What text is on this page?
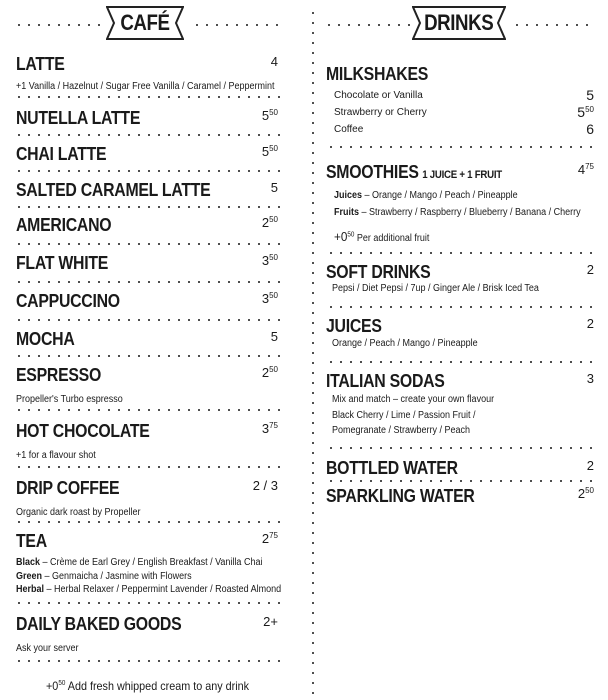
CAFÉ	DRINKS
LATTE	4
+1 Vanilla / Hazelnut / Sugar Free Vanilla / Caramel / Peppermint
NUTELLA LATTE	$5^{50}$
CHAI LATTE	$5^{50}$
SALTED CARAMEL LATTE	5
AMERICANO	$2^{50}$
FLAT WHITE	$3^{50}$
CAPPUCCINO	$3^{50}$
MOCHA	5
ESPRESSO	$2^{50}$
Propeller's Turbo espresso
HOT CHOCOLATE	$3^{75}$
+1 for a flavour shot
DRIP COFFEE	2 / 3
Organic dark roast by Propeller
TEA	$2^{75}$
Black – Crème de Earl Grey / English Breakfast / Vanilla Chai
Green – Genmaicha / Jasmine with Flowers
Herbal – Herbal Relaxer / Peppermint Lavender / Roasted Almond
DAILY BAKED GOODS	2+
Ask your server
$+0^{50}$ Add fresh whipped cream to any drink
MILKSHAKES
Chocolate or Vanilla	5
Strawberry or Cherry	$5^{50}$
Coffee	6
SMOOTHIES 1 JUICE + 1 FRUIT	$4^{75}$
Juices – Orange / Mango / Peach / Pineapple
Fruits – Strawberry / Raspberry / Blueberry / Banana / Cherry
$+0^{50}$ Per additional fruit
SOFT DRINKS	2
Pepsi / Diet Pepsi / 7up / Ginger Ale / Brisk Iced Tea
JUICES	2
Orange / Peach / Mango / Pineapple
ITALIAN SODAS	3
Mix and match – create your own flavour
Black Cherry / Lime / Passion Fruit /
Pomegranate / Strawberry / Peach
BOTTLED WATER	2
SPARKLING WATER	$2^{50}$
